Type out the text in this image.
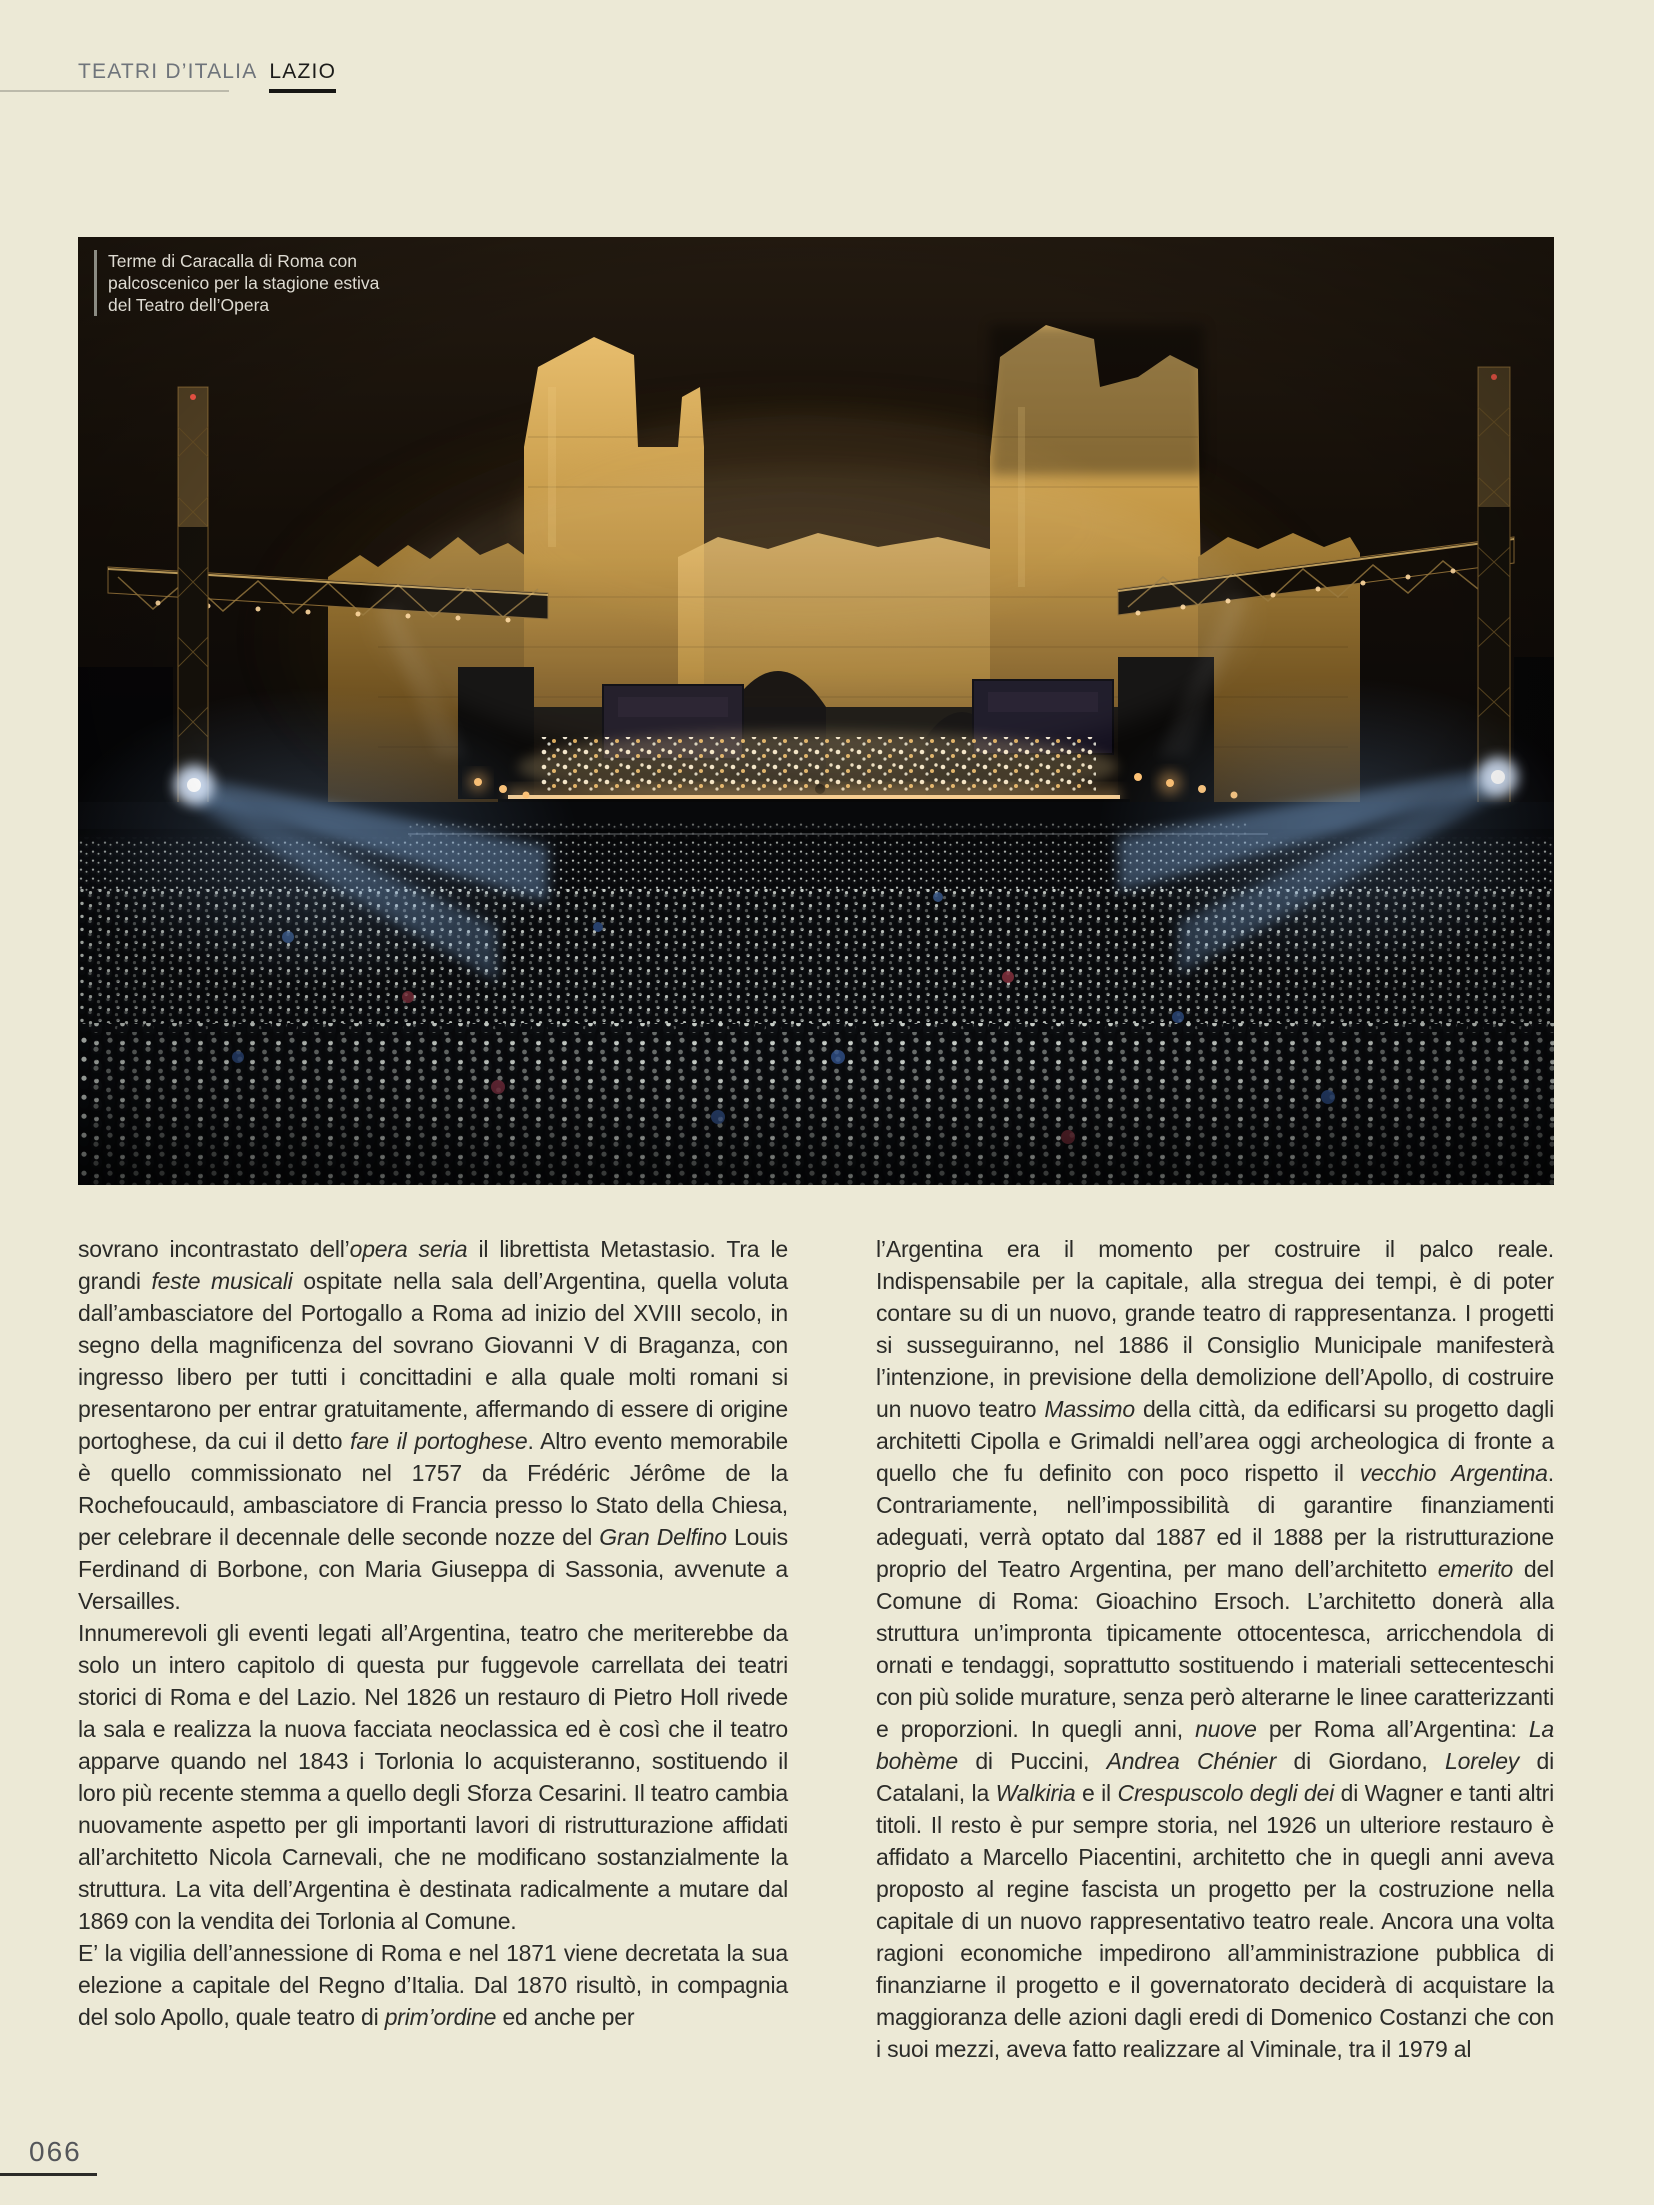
TEATRI D’ITALIA LAZIO
Terme di Caracalla di Roma con palcoscenico per la stagione estiva del Teatro dell’Opera

sovrano incontrastato dell’opera seria il librettista Metastasio. Tra le grandi feste musicali ospitate nella sala dell’Argentina, quella voluta dall’ambasciatore del Portogallo a Roma ad inizio del XVIII secolo, in segno della magnificenza del sovrano Giovanni V di Braganza, con ingresso libero per tutti i concittadini e alla quale molti romani si presentarono per entrar gratuitamente, affermando di essere di origine portoghese, da cui il detto fare il portoghese. Altro evento memorabile è quello commissionato nel 1757 da Frédéric Jérôme de la Rochefoucauld, ambasciatore di Francia presso lo Stato della Chiesa, per celebrare il decennale delle seconde nozze del Gran Delfino Louis Ferdinand di Borbone, con Maria Giuseppa di Sassonia, avvenute a Versailles.

Innumerevoli gli eventi legati all’Argentina, teatro che meriterebbe da solo un intero capitolo di questa pur fuggevole carrellata dei teatri storici di Roma e del Lazio. Nel 1826 un restauro di Pietro Holl rivede la sala e realizza la nuova facciata neoclassica ed è così che il teatro apparve quando nel 1843 i Torlonia lo acquisteranno, sostituendo il loro più recente stemma a quello degli Sforza Cesarini. Il teatro cambia nuovamente aspetto per gli importanti lavori di ristrutturazione affidati all’architetto Nicola Carnevali, che ne modificano sostanzialmente la struttura. La vita dell’Argentina è destinata radicalmente a mutare dal 1869 con la vendita dei Torlonia al Comune.

E’ la vigilia dell’annessione di Roma e nel 1871 viene decretata la sua elezione a capitale del Regno d’Italia. Dal 1870 risultò, in compagnia del solo Apollo, quale teatro di prim’ordine ed anche per

l’Argentina era il momento per costruire il palco reale. Indispensabile per la capitale, alla stregua dei tempi, è di poter contare su di un nuovo, grande teatro di rappresentanza. I progetti si susseguiranno, nel 1886 il Consiglio Municipale manifesterà l’intenzione, in previsione della demolizione dell’Apollo, di costruire un nuovo teatro Massimo della città, da edificarsi su progetto dagli architetti Cipolla e Grimaldi nell’area oggi archeologica di fronte a quello che fu definito con poco rispetto il vecchio Argentina. Contrariamente, nell’impossibilità di garantire finanziamenti adeguati, verrà optato dal 1887 ed il 1888 per la ristrutturazione proprio del Teatro Argentina, per mano dell’architetto emerito del Comune di Roma: Gioachino Ersoch. L’architetto donerà alla struttura un’impronta tipicamente ottocentesca, arricchendola di ornati e tendaggi, soprattutto sostituendo i materiali settecenteschi con più solide murature, senza però alterarne le linee caratterizzanti e proporzioni. In quegli anni, nuove per Roma all’Argentina: La bohème di Puccini, Andrea Chénier di Giordano, Loreley di Catalani, la Walkiria e il Crespuscolo degli dei di Wagner e tanti altri titoli. Il resto è pur sempre storia, nel 1926 un ulteriore restauro è affidato a Marcello Piacentini, architetto che in quegli anni aveva proposto al regine fascista un progetto per la costruzione nella capitale di un nuovo rappresentativo teatro reale. Ancora una volta ragioni economiche impedirono all’amministrazione pubblica di finanziarne il progetto e il governatorato deciderà di acquistare la maggioranza delle azioni dagli eredi di Domenico Costanzi che con i suoi mezzi, aveva fatto realizzare al Viminale, tra il 1979 al

066
